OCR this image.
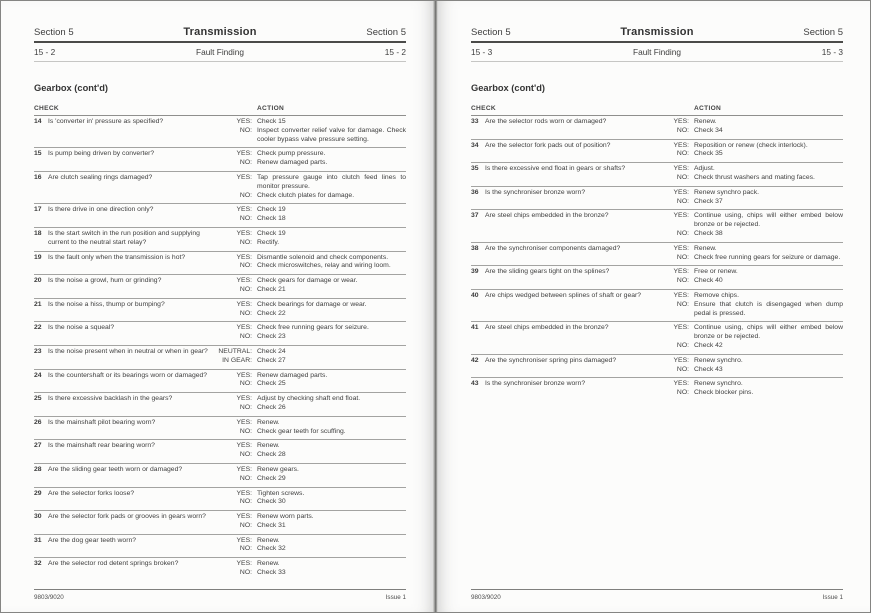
Section 5	Transmission	Section 5
15 - 2	Fault Finding	15 - 2
Gearbox (cont'd)
CHECK	ACTION
14 Is 'converter in' pressure as specified?	YES: Check 15
NO: Inspect converter relief valve for damage. Check cooler bypass valve pressure setting.
15 Is pump being driven by converter?	YES: Check pump pressure.
NO: Renew damaged parts.
16 Are clutch sealing rings damaged?	YES: Tap pressure gauge into clutch feed lines to monitor pressure.
NO: Check clutch plates for damage.
17 Is there drive in one direction only?	YES: Check 19
NO: Check 18
18 Is the start switch in the run position and supplying current to the neutral start relay?
YES: Check 19
NO: Rectify.
19 Is the fault only when the transmission is hot?	YES: Dismantle solenoid and check components.
NO: Check microswitches, relay and wiring loom.
20 Is the noise a growl, hum or grinding?	YES: Check gears for damage or wear.
NO: Check 21
21 Is the noise a hiss, thump or bumping?	YES: Check bearings for damage or wear.
NO: Check 22
22 Is the noise a squeal?	YES: Check free running gears for seizure.
NO: Check 23
23 Is the noise present when in neutral or when in gear?	NEUTRAL: Check 24
IN GEAR: Check 27
24 Is the countershaft or its bearings worn or damaged?	YES: Renew damaged parts.
NO: Check 25
25 Is there excessive backlash in the gears?	YES: Adjust by checking shaft end float.
NO: Check 26
26 Is the mainshaft pilot bearing worn?	YES: Renew.
NO: Check gear teeth for scuffing.
27 Is the mainshaft rear bearing worn?	YES: Renew.
NO: Check 28
28 Are the sliding gear teeth worn or damaged?	YES: Renew gears.
NO: Check 29
29 Are the selector forks loose?	YES: Tighten screws.
NO: Check 30
30 Are the selector fork pads or grooves in gears worn?	YES: Renew worn parts.
NO: Check 31
31 Are the dog gear teeth worn?	YES: Renew.
NO: Check 32
32 Are the selector rod detent springs broken?	YES: Renew.
NO: Check 33
9803/9020	Issue 1
Section 5	Transmission	Section 5
15 - 3	Fault Finding	15 - 3
Gearbox (cont'd)
CHECK	ACTION
33 Are the selector rods worn or damaged?	YES: Renew.
NO: Check 34
34 Are the selector fork pads out of position?	YES: Reposition or renew (check interlock).
NO: Check 35
35 Is there excessive end float in gears or shafts?	YES: Adjust.
NO: Check thrust washers and mating faces.
36 Is the synchroniser bronze worn?	YES: Renew synchro pack.
NO: Check 37
37 Are steel chips embedded in the bronze?	YES: Continue using, chips will either embed below bronze or be rejected.
NO: Check 38
38 Are the synchroniser components damaged?	YES: Renew.
NO: Check free running gears for seizure or damage.
39 Are the sliding gears tight on the splines?	YES: Free or renew.
NO: Check 40
40 Are chips wedged between splines of shaft or gear?	YES: Remove chips.
NO: Ensure that clutch is disengaged when dump pedal is pressed.
41 Are steel chips embedded in the bronze?	YES: Continue using, chips will either embed below bronze or be rejected.
NO: Check 42
42 Are the synchroniser spring pins damaged?	YES: Renew synchro.
NO: Check 43
43 Is the synchroniser bronze worn?	YES: Renew synchro.
NO: Check blocker pins.
9803/9020	Issue 1
